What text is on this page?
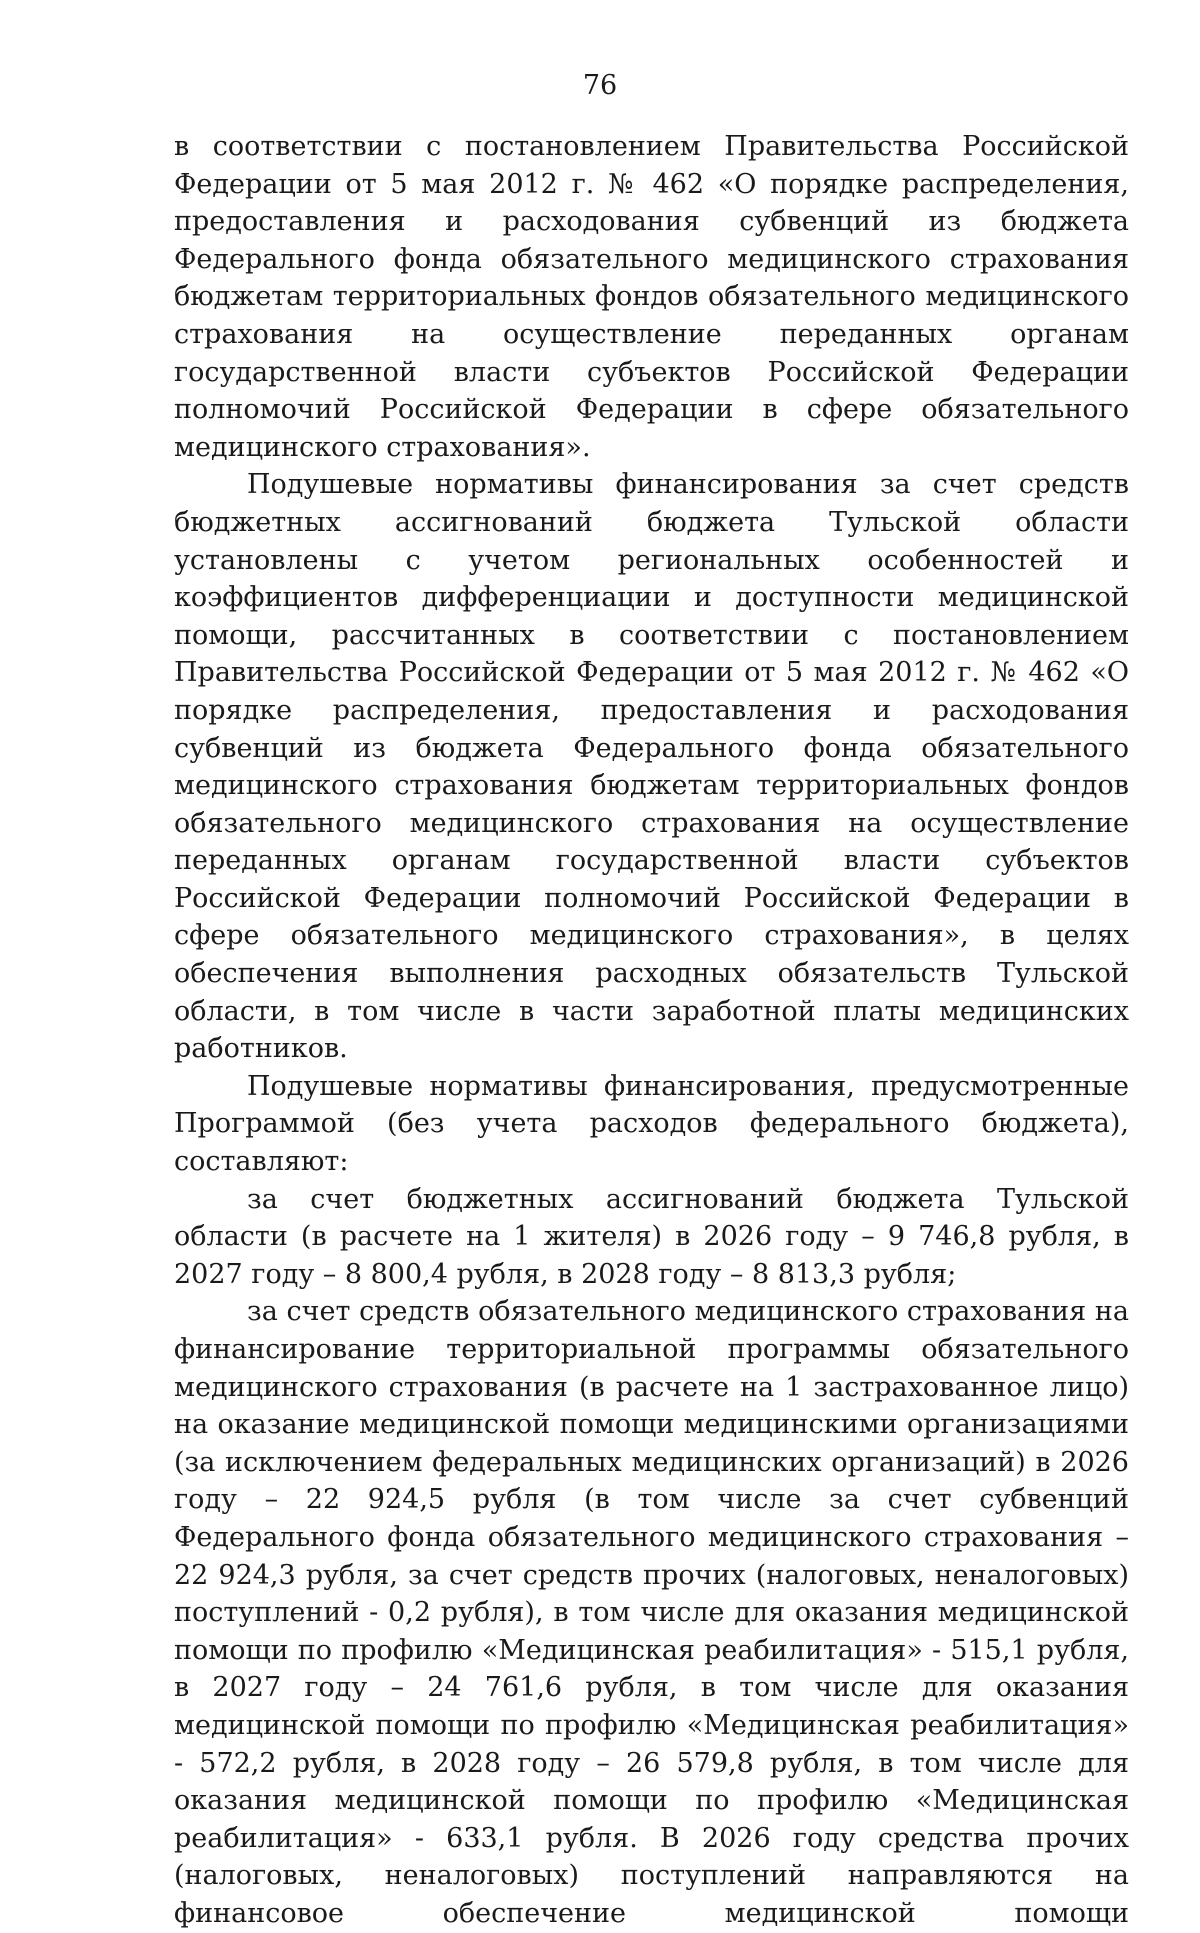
76

в соответствии с постановлением Правительства Российской Федерации от 5 мая 2012 г. № 462 «О порядке распределения, предоставления и расходования субвенций из бюджета Федерального фонда обязательного медицинского страхования бюджетам территориальных фондов обязательного медицинского страхования на осуществление переданных органам государственной власти субъектов Российской Федерации полномочий Российской Федерации в сфере обязательного медицинского страхования».

Подушевые нормативы финансирования за счет средств бюджетных ассигнований бюджета Тульской области установлены с учетом региональных особенностей и коэффициентов дифференциации и доступности медицинской помощи, рассчитанных в соответствии с постановлением Правительства Российской Федерации от 5 мая 2012 г. № 462 «О порядке распределения, предоставления и расходования субвенций из бюджета Федерального фонда обязательного медицинского страхования бюджетам территориальных фондов обязательного медицинского страхования на осуществление переданных органам государственной власти субъектов Российской Федерации полномочий Российской Федерации в сфере обязательного медицинского страхования», в целях обеспечения выполнения расходных обязательств Тульской области, в том числе в части заработной платы медицинских работников.

Подушевые нормативы финансирования, предусмотренные Программой (без учета расходов федерального бюджета), составляют:

за счет бюджетных ассигнований бюджета Тульской области (в расчете на 1 жителя) в 2026 году – 9 746,8 рубля, в 2027 году – 8 800,4 рубля, в 2028 году – 8 813,3 рубля;

за счет средств обязательного медицинского страхования на финансирование территориальной программы обязательного медицинского страхования (в расчете на 1 застрахованное лицо) на оказание медицинской помощи медицинскими организациями (за исключением федеральных медицинских организаций) в 2026 году – 22 924,5 рубля (в том числе за счет субвенций Федерального фонда обязательного медицинского страхования – 22 924,3 рубля, за счет средств прочих (налоговых, неналоговых) поступлений - 0,2 рубля), в том числе для оказания медицинской помощи по профилю «Медицинская реабилитация» - 515,1 рубля, в 2027 году – 24 761,6 рубля, в том числе для оказания медицинской помощи по профилю «Медицинская реабилитация» - 572,2 рубля, в 2028 году – 26 579,8 рубля, в том числе для оказания медицинской помощи по профилю «Медицинская реабилитация» - 633,1 рубля. В 2026 году средства прочих (налоговых, неналоговых) поступлений направляются на финансовое обеспечение медицинской помощи
